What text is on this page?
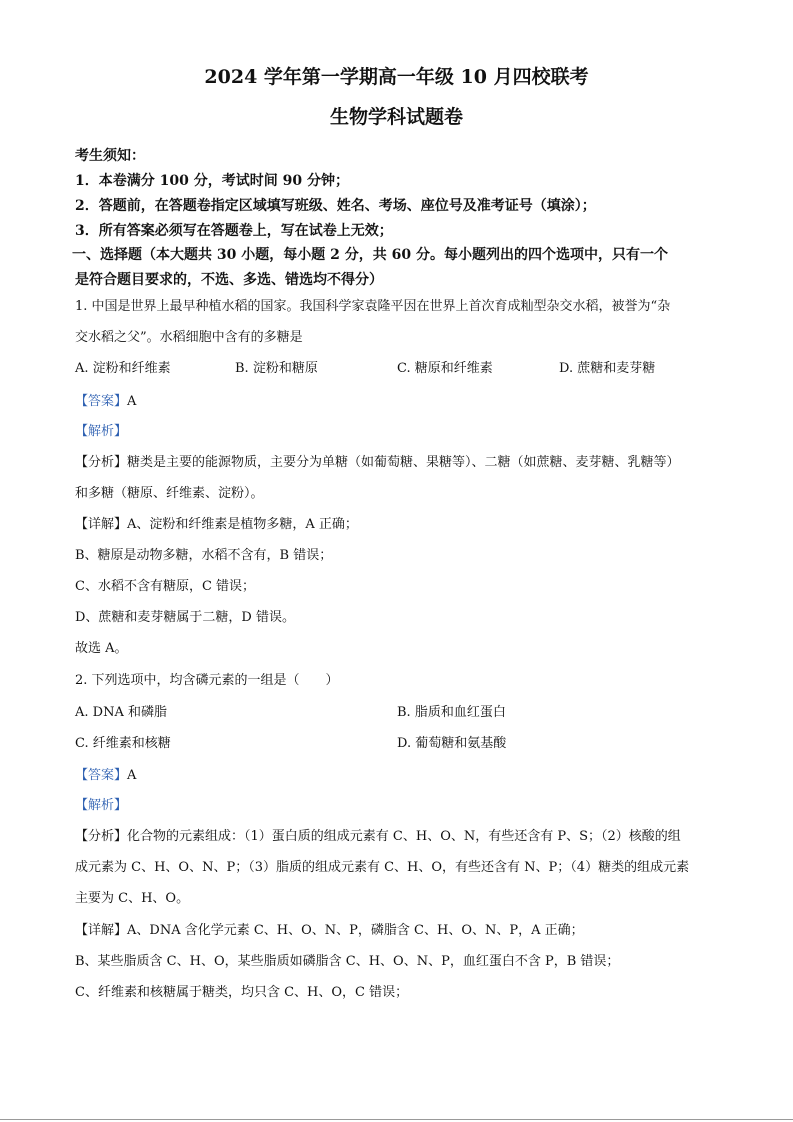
2024 学年第一学期高一年级 10 月四校联考
生物学科试题卷
考生须知：
1．本卷满分 100 分，考试时间 90 分钟；
2．答题前，在答题卷指定区域填写班级、姓名、考场、座位号及准考证号（填涂）；
3．所有答案必须写在答题卷上，写在试卷上无效；
一、选择题（本大题共 30 小题，每小题 2 分，共 60 分。每小题列出的四个选项中，只有一个
是符合题目要求的，不选、多选、错选均不得分）
1. 中国是世界上最早种植水稻的国家。我国科学家袁隆平因在世界上首次育成籼型杂交水稻，被誉为“杂
交水稻之父”。水稻细胞中含有的多糖是
A. 淀粉和纤维素	B. 淀粉和糖原	C. 糖原和纤维素	D. 蔗糖和麦芽糖
【答案】A
【解析】
【分析】糖类是主要的能源物质，主要分为单糖（如葡萄糖、果糖等）、二糖（如蔗糖、麦芽糖、乳糖等）
和多糖（糖原、纤维素、淀粉）。
【详解】A、淀粉和纤维素是植物多糖，A 正确；
B、糖原是动物多糖，水稻不含有，B 错误；
C、水稻不含有糖原，C 错误；
D、蔗糖和麦芽糖属于二糖，D 错误。
故选 A。
2. 下列选项中，均含磷元素的一组是（　　）
A. DNA 和磷脂	B. 脂质和血红蛋白
C. 纤维素和核糖	D. 葡萄糖和氨基酸
【答案】A
【解析】
【分析】化合物的元素组成：（1）蛋白质的组成元素有 C、H、O、N，有些还含有 P、S；（2）核酸的组
成元素为 C、H、O、N、P；（3）脂质的组成元素有 C、H、O，有些还含有 N、P；（4）糖类的组成元素
主要为 C、H、O。
【详解】A、DNA 含化学元素 C、H、O、N、P，磷脂含 C、H、O、N、P，A 正确；
B、某些脂质含 C、H、O，某些脂质如磷脂含 C、H、O、N、P，血红蛋白不含 P，B 错误；
C、纤维素和核糖属于糖类，均只含 C、H、O，C 错误；
